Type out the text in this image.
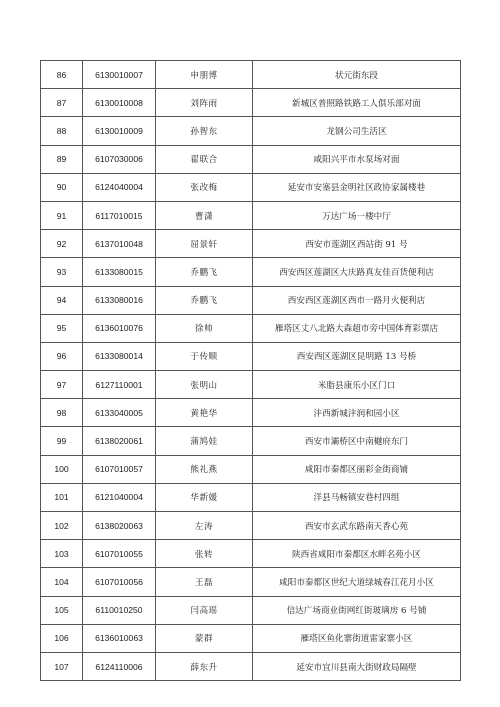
86	6130010007	申朋博	状元街东段
87	6130010008	刘阵雨	新城区普照路铁路工人俱乐部对面
88	6130010009	孙智东	龙钢公司生活区
89	6107030006	翟联合	咸阳兴平市水泵场对面
90	6124040004	张改梅	延安市安塞县金明社区政协家属楼巷
91	6117010015	曹潇	万达广场一楼中厅
92	6137010048	屈景轩	西安市莲湖区西站街 91 号
93	6133080015	乔鹏飞	西安西区莲湖区大庆路真友佳百货便利店
94	6133080016	乔鹏飞	西安西区莲湖区西市一路月火便利店
95	6136010076	徐帅	雁塔区丈八北路大森超市旁中国体育彩票店
96	6133080014	于传顺	西安西区莲湖区昆明路 13 号桥
97	6127110001	张明山	米脂县康乐小区门口
98	6133040005	黄艳华	沣西新城沣润和园小区
99	6138020061	蒲鸠娃	西安市灞桥区中南樾府东门
100	6107010057	熊礼燕	咸阳市秦都区丽彩金街商铺
101	6121040004	华新媛	洋县马畅镇安巷村四组
102	6138020063	左涛	西安市玄武东路南天香心苑
103	6107010055	张转	陕西省咸阳市秦都区水畔名苑小区
104	6107010056	王磊	咸阳市秦都区世纪大道绿城春江花月小区
105	6110010250	闫高瑶	信达广场商业街网红街玻璃房 6 号铺
106	6136010063	蒙群	雁塔区鱼化寨街道雷家寨小区
107	6124110006	薛东升	延安市宜川县南大街财政局隔壁
